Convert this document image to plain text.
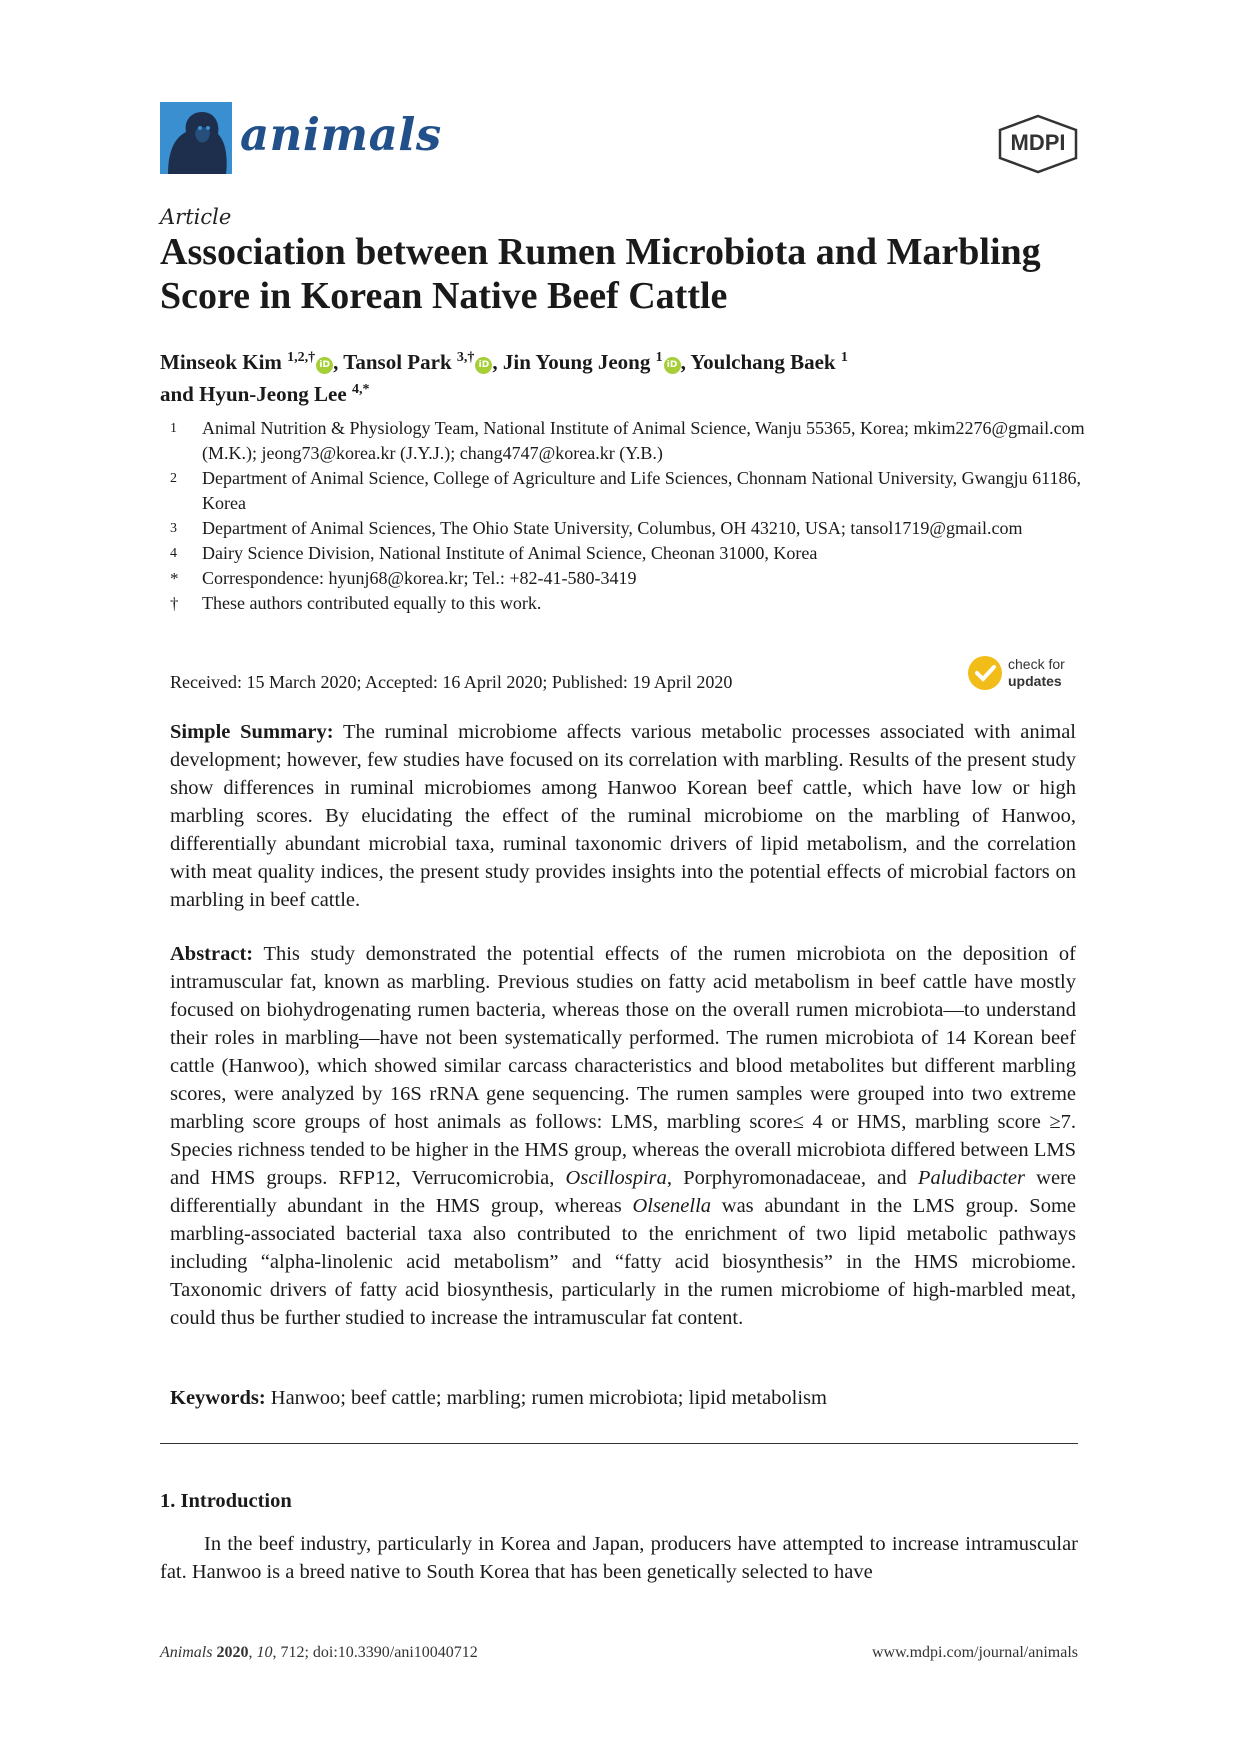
animals	MDPI
Article
Association between Rumen Microbiota and Marbling Score in Korean Native Beef Cattle
Minseok Kim $^{1,2,\dagger}$ iD , Tansol Park $^{3,\dagger}$ iD , Jin Young Jeong $^1$ iD , Youlchang Baek $^1$
and Hyun-Jeong Lee $^{4,*}$
1	Animal Nutrition & Physiology Team, National Institute of Animal Science, Wanju 55365, Korea; mkim2276@gmail.com (M.K.); jeong73@korea.kr (J.Y.J.); chang4747@korea.kr (Y.B.)
2	Department of Animal Science, College of Agriculture and Life Sciences, Chonnam National University, Gwangju 61186, Korea
3	Department of Animal Sciences, The Ohio State University, Columbus, OH 43210, USA; tansol1719@gmail.com
4	Dairy Science Division, National Institute of Animal Science, Cheonan 31000, Korea
*	Correspondence: hyunj68@korea.kr; Tel.: +82-41-580-3419
†	These authors contributed equally to this work.
Received: 15 March 2020; Accepted: 16 April 2020; Published: 19 April 2020
check for
updates
Simple Summary: The ruminal microbiome affects various metabolic processes associated with animal development; however, few studies have focused on its correlation with marbling. Results of the present study show differences in ruminal microbiomes among Hanwoo Korean beef cattle, which have low or high marbling scores. By elucidating the effect of the ruminal microbiome on the marbling of Hanwoo, differentially abundant microbial taxa, ruminal taxonomic drivers of lipid metabolism, and the correlation with meat quality indices, the present study provides insights into the potential effects of microbial factors on marbling in beef cattle.
Abstract: This study demonstrated the potential effects of the rumen microbiota on the deposition of intramuscular fat, known as marbling. Previous studies on fatty acid metabolism in beef cattle have mostly focused on biohydrogenating rumen bacteria, whereas those on the overall rumen microbiota—to understand their roles in marbling—have not been systematically performed. The rumen microbiota of 14 Korean beef cattle (Hanwoo), which showed similar carcass characteristics and blood metabolites but different marbling scores, were analyzed by 16S rRNA gene sequencing. The rumen samples were grouped into two extreme marbling score groups of host animals as follows: LMS, marbling score≤ 4 or HMS, marbling score ≥7. Species richness tended to be higher in the HMS group, whereas the overall microbiota differed between LMS and HMS groups. RFP12, Verrucomicrobia, Oscillospira, Porphyromonadaceae, and Paludibacter were differentially abundant in the HMS group, whereas Olsenella was abundant in the LMS group. Some marbling-associated bacterial taxa also contributed to the enrichment of two lipid metabolic pathways including “alpha-linolenic acid metabolism” and “fatty acid biosynthesis” in the HMS microbiome. Taxonomic drivers of fatty acid biosynthesis, particularly in the rumen microbiome of high-marbled meat, could thus be further studied to increase the intramuscular fat content.
Keywords: Hanwoo; beef cattle; marbling; rumen microbiota; lipid metabolism
1. Introduction
In the beef industry, particularly in Korea and Japan, producers have attempted to increase intramuscular fat. Hanwoo is a breed native to South Korea that has been genetically selected to have
Animals 2020, 10, 712; doi:10.3390/ani10040712	www.mdpi.com/journal/animals
